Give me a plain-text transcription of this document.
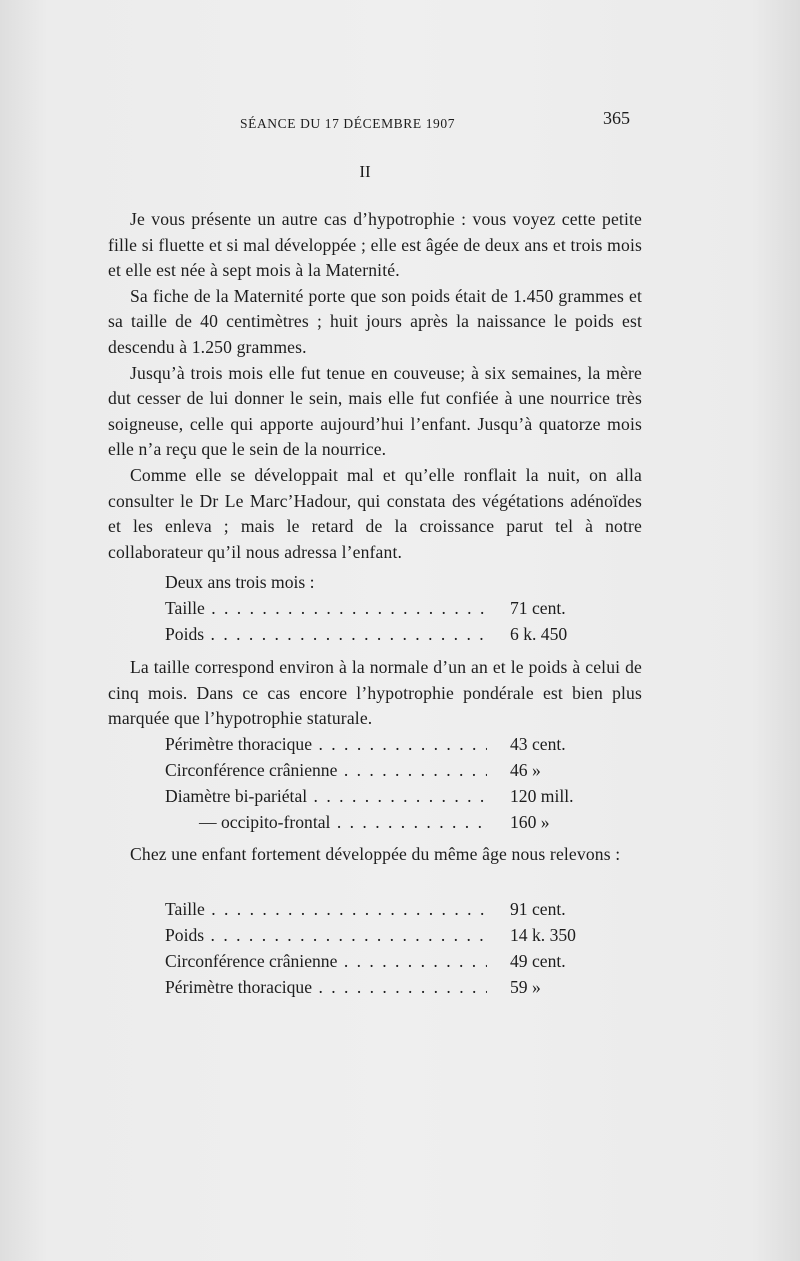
SÉANCE DU 17 DÉCEMBRE 1907	365
II

Je vous présente un autre cas d’hypotrophie : vous voyez cette petite fille si fluette et si mal développée ; elle est âgée de deux ans et trois mois et elle est née à sept mois à la Maternité.

Sa fiche de la Maternité porte que son poids était de 1.450 grammes et sa taille de 40 centimètres ; huit jours après la naissance le poids est descendu à 1.250 grammes.

Jusqu’à trois mois elle fut tenue en couveuse; à six semaines, la mère dut cesser de lui donner le sein, mais elle fut confiée à une nourrice très soigneuse, celle qui apporte aujourd’hui l’enfant. Jusqu’à quatorze mois elle n’a reçu que le sein de la nourrice.

Comme elle se développait mal et qu’elle ronflait la nuit, on alla consulter le Dr Le Marc’Hadour, qui constata des végétations adénoïdes et les enleva ; mais le retard de la croissance parut tel à notre collaborateur qu’il nous adressa l’enfant.

Deux ans trois mois :
Taille . . .	71 cent.
Poids . . .	6 k. 450

La taille correspond environ à la normale d’un an et le poids à celui de cinq mois. Dans ce cas encore l’hypotrophie pondérale est bien plus marquée que l’hypotrophie staturale.

Périmètre thoracique . . .	43 cent.
Circonférence crânienne . . .	46 »
Diamètre bi-pariétal . . .	120 mill.
— occipito-frontal . . .	160 »

Chez une enfant fortement développée du même âge nous relevons :

Taille . . .	91 cent.
Poids . . .	14 k. 350
Circonférence crânienne . . .	49 cent.
Périmètre thoracique . . .	59 »
